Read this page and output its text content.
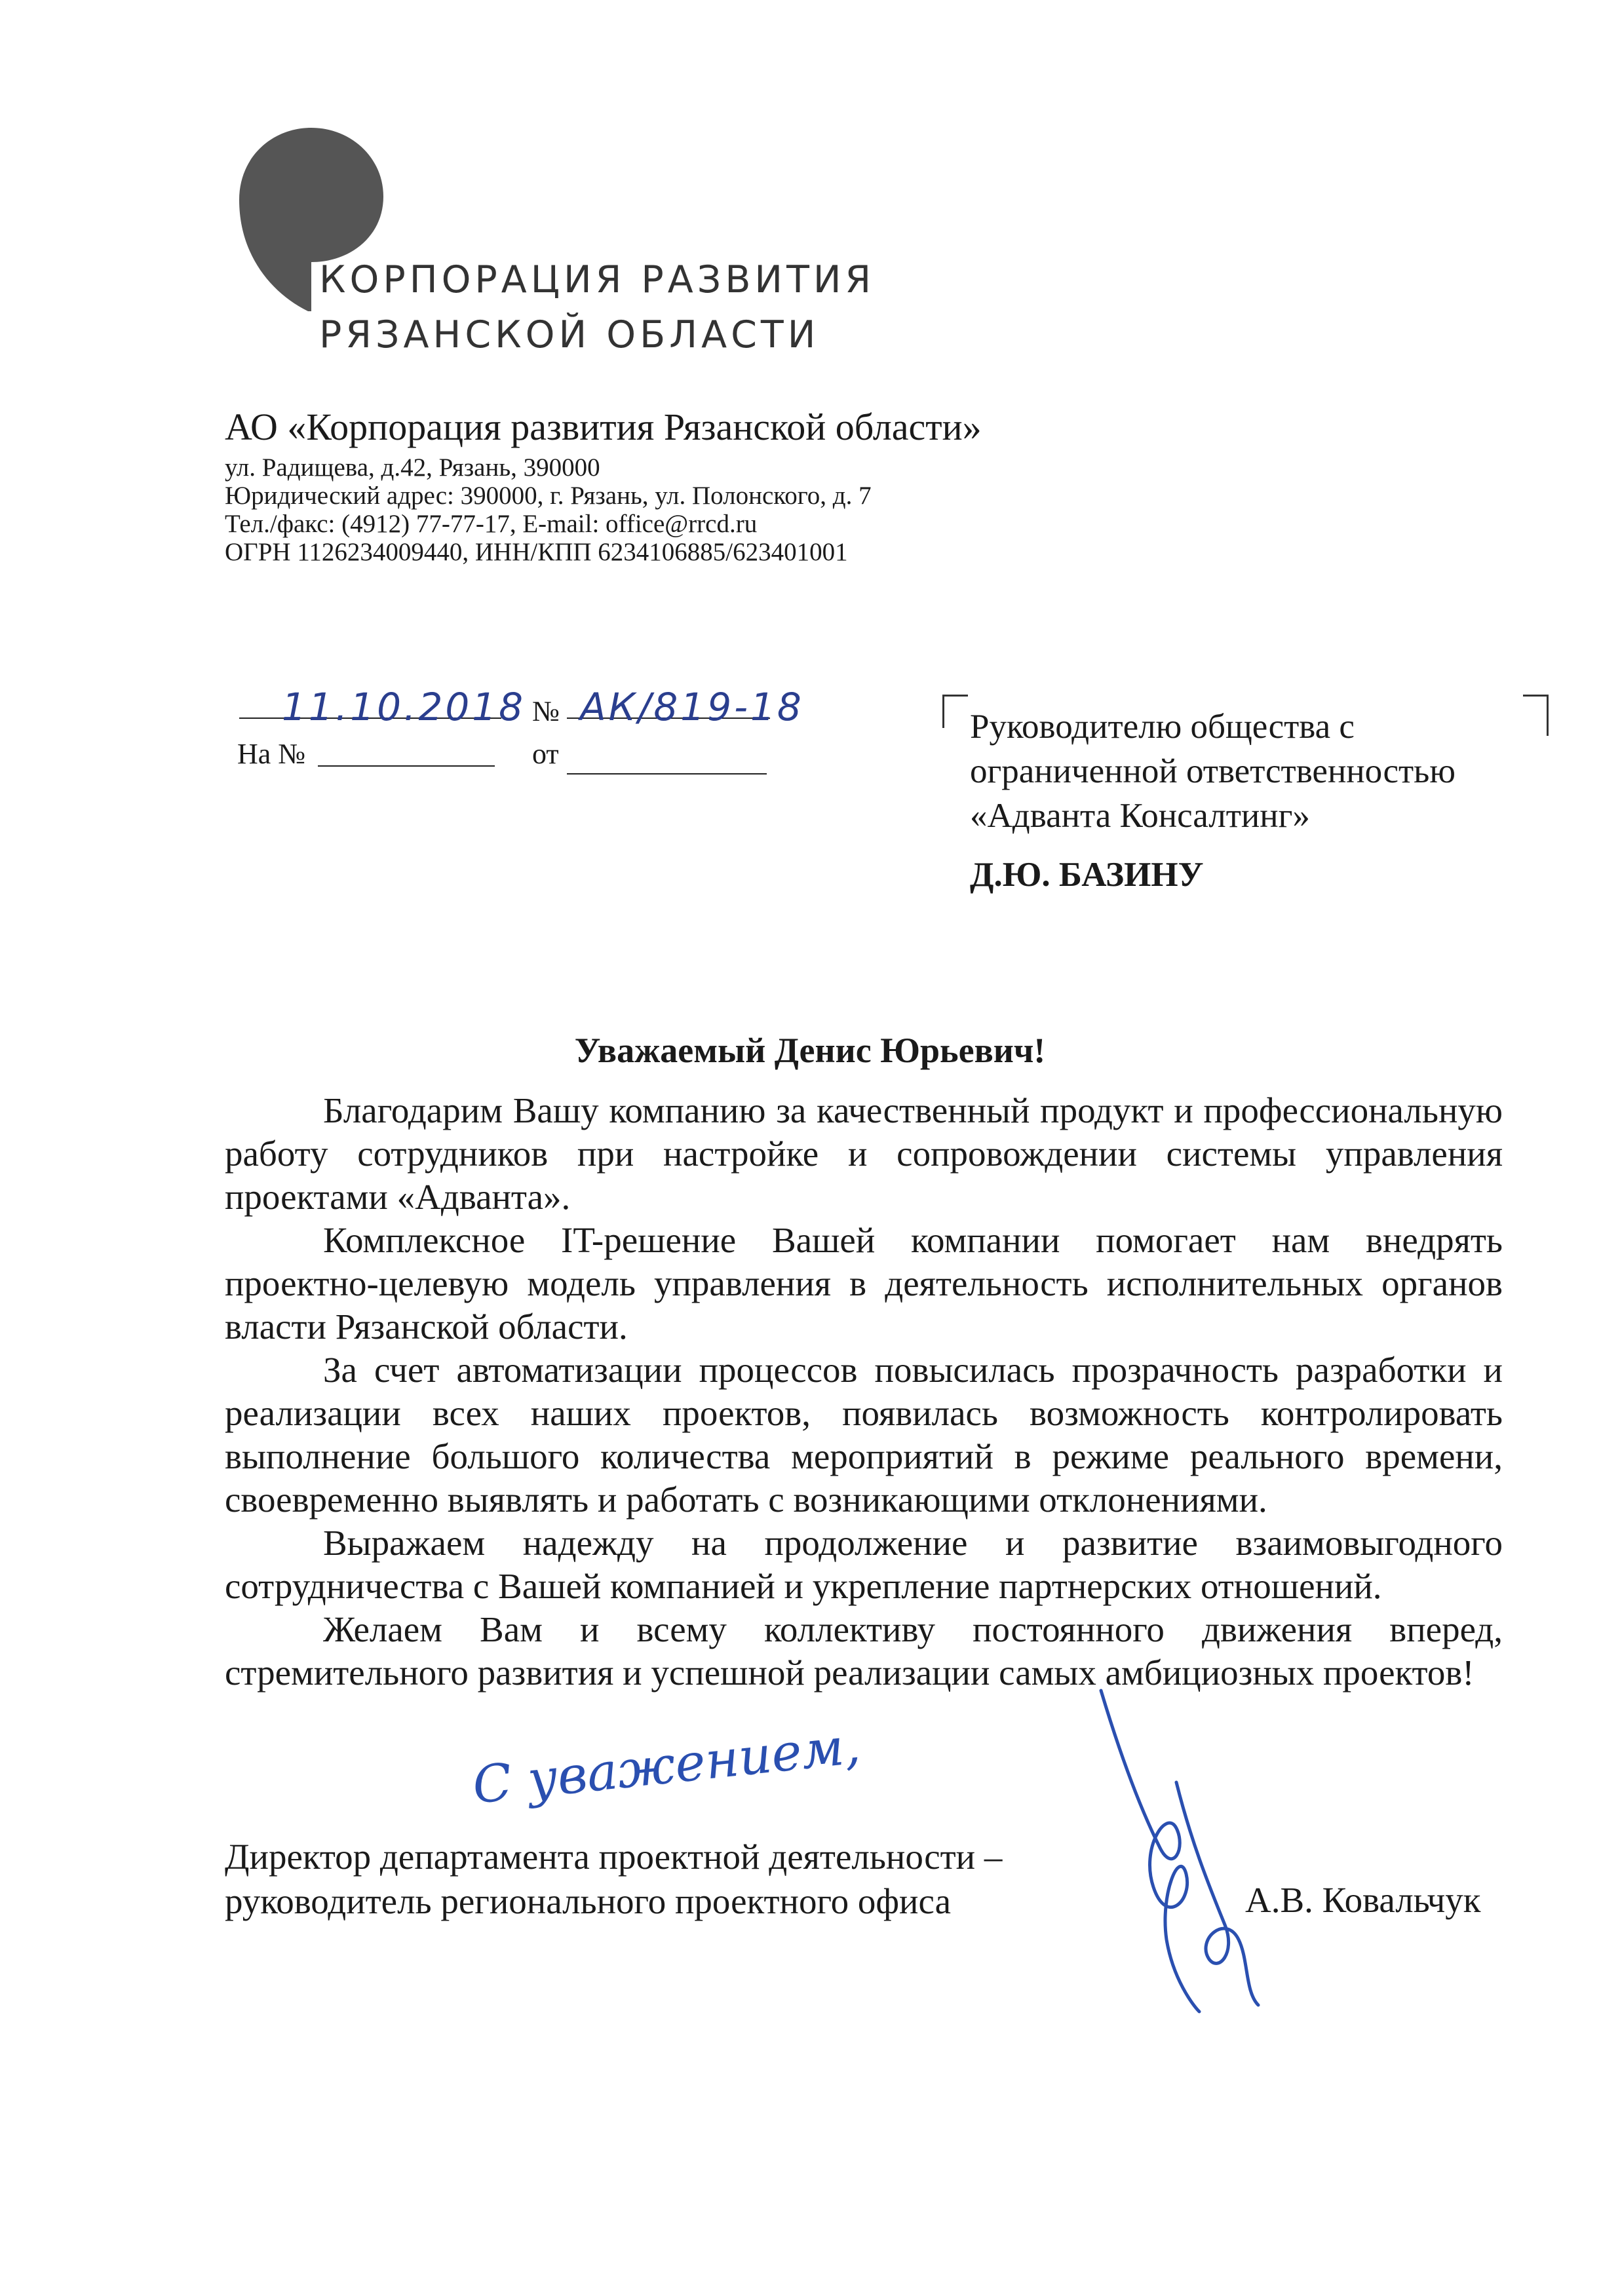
КОРПОРАЦИЯ РАЗВИТИЯ
РЯЗАНСКОЙ ОБЛАСТИ
АО «Корпорация развития Рязанской области»
ул. Радищева, д.42, Рязань, 390000
Юридический адрес: 390000, г. Рязань, ул. Полонского, д. 7
Тел./факс: (4912) 77-77-17, E-mail: office@rrcd.ru
ОГРН 1126234009440, ИНН/КПП 6234106885/623401001
11.10.2018 № АК/819-18
На №	от
Руководителю общества с
ограниченной ответственностью
«Адванта Консалтинг»
Д.Ю. БАЗИНУ
Уважаемый Денис Юрьевич!

Благодарим Вашу компанию за качественный продукт и профессиональную работу сотрудников при настройке и сопровождении системы управления проектами «Адванта».

Комплексное IT-решение Вашей компании помогает нам внедрять проектно-целевую модель управления в деятельность исполнительных органов власти Рязанской области.

За счет автоматизации процессов повысилась прозрачность разработки и реализации всех наших проектов, появилась возможность контролировать выполнение большого количества мероприятий в режиме реального времени, своевременно выявлять и работать с возникающими отклонениями.

Выражаем надежду на продолжение и развитие взаимовыгодного сотрудничества с Вашей компанией и укрепление партнерских отношений.

Желаем Вам и всему коллективу постоянного движения вперед, стремительного развития и успешной реализации самых амбициозных проектов!

С уважением,
Директор департамента проектной деятельности –
руководитель регионального проектного офиса	А.В. Ковальчук
